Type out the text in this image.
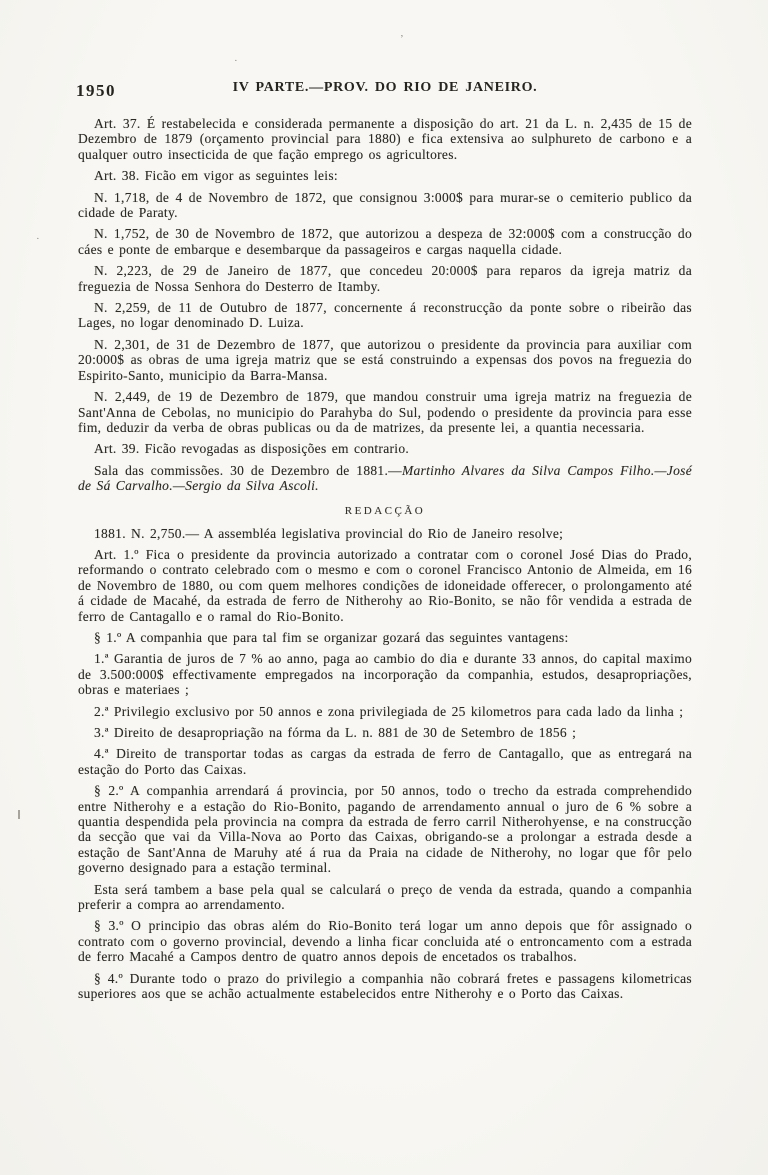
’
·
·
1950	IV PARTE.—PROV. DO RIO DE JANEIRO.

Art. 37. É restabelecida e considerada permanente a disposição do art. 21 da L. n. 2,435 de 15 de Dezembro de 1879 (orçamento provincial para 1880) e fica extensiva ao sulphureto de carbono e a qualquer outro insecticida de que fação emprego os agricultores.

Art. 38. Ficão em vigor as seguintes leis:

N. 1,718, de 4 de Novembro de 1872, que consignou 3:000$ para murar-se o cemiterio publico da cidade de Paraty.

N. 1,752, de 30 de Novembro de 1872, que autorizou a despeza de 32:000$ com a construcção do cáes e ponte de embarque e desembarque da passageiros e cargas naquella cidade.

N. 2,223, de 29 de Janeiro de 1877, que concedeu 20:000$ para reparos da igreja matriz da freguezia de Nossa Senhora do Desterro de Itamby.

N. 2,259, de 11 de Outubro de 1877, concernente á reconstrucção da ponte sobre o ribeirão das Lages, no logar denominado D. Luiza.

N. 2,301, de 31 de Dezembro de 1877, que autorizou o presidente da provincia para auxiliar com 20:000$ as obras de uma igreja matriz que se está construindo a expensas dos povos na freguezia do Espirito-Santo, municipio da Barra-Mansa.

N. 2,449, de 19 de Dezembro de 1879, que mandou construir uma igreja matriz na freguezia de Sant'Anna de Cebolas, no municipio do Parahyba do Sul, podendo o presidente da provincia para esse fim, deduzir da verba de obras publicas ou da de matrizes, da presente lei, a quantia necessaria.

Art. 39. Ficão revogadas as disposições em contrario.

Sala das commissões. 30 de Dezembro de 1881.—Martinho Alvares da Silva Campos Filho.—José de Sá Carvalho.—Sergio da Silva Ascoli.

REDACÇÃO

1881. N. 2,750.— A assembléa legislativa provincial do Rio de Janeiro resolve;

Art. 1.º Fica o presidente da provincia autorizado a contratar com o coronel José Dias do Prado, reformando o contrato celebrado com o mesmo e com o coronel Francisco Antonio de Almeida, em 16 de Novembro de 1880, ou com quem melhores condições de idoneidade offerecer, o prolongamento até á cidade de Macahé, da estrada de ferro de Nitherohy ao Rio-Bonito, se não fôr vendida a estrada de ferro de Cantagallo e o ramal do Rio-Bonito.

§ 1.º A companhia que para tal fim se organizar gozará das seguintes vantagens:

1.ª Garantia de juros de 7 % ao anno, paga ao cambio do dia e durante 33 annos, do capital maximo de 3.500:000$ effectivamente empregados na incorporação da companhia, estudos, desapropriações, obras e materiaes ;

2.ª Privilegio exclusivo por 50 annos e zona privilegiada de 25 kilometros para cada lado da linha ;

3.ª Direito de desapropriação na fórma da L. n. 881 de 30 de Setembro de 1856 ;

4.ª Direito de transportar todas as cargas da estrada de ferro de Cantagallo, que as entregará na estação do Porto das Caixas.

§ 2.º A companhia arrendará á provincia, por 50 annos, todo o trecho da estrada comprehendido entre Nitherohy e a estação do Rio-Bonito, pagando de arrendamento annual o juro de 6 % sobre a quantia despendida pela provincia na compra da estrada de ferro carril Nitherohyense, e na construcção da secção que vai da Villa-Nova ao Porto das Caixas, obrigando-se a prolongar a estrada desde a estação de Sant'Anna de Maruhy até á rua da Praia na cidade de Nitherohy, no logar que fôr pelo governo designado para a estação terminal.

Esta será tambem a base pela qual se calculará o preço de venda da estrada, quando a companhia preferir a compra ao arrendamento.

§ 3.º O principio das obras além do Rio-Bonito terá logar um anno depois que fôr assignado o contrato com o governo provincial, devendo a linha ficar concluida até o entroncamento com a estrada de ferro Macahé a Campos dentro de quatro annos depois de encetados os trabalhos.

§ 4.º Durante todo o prazo do privilegio a companhia não cobrará fretes e passagens kilometricas superiores aos que se achão actualmente estabelecidos entre Nitherohy e o Porto das Caixas.
